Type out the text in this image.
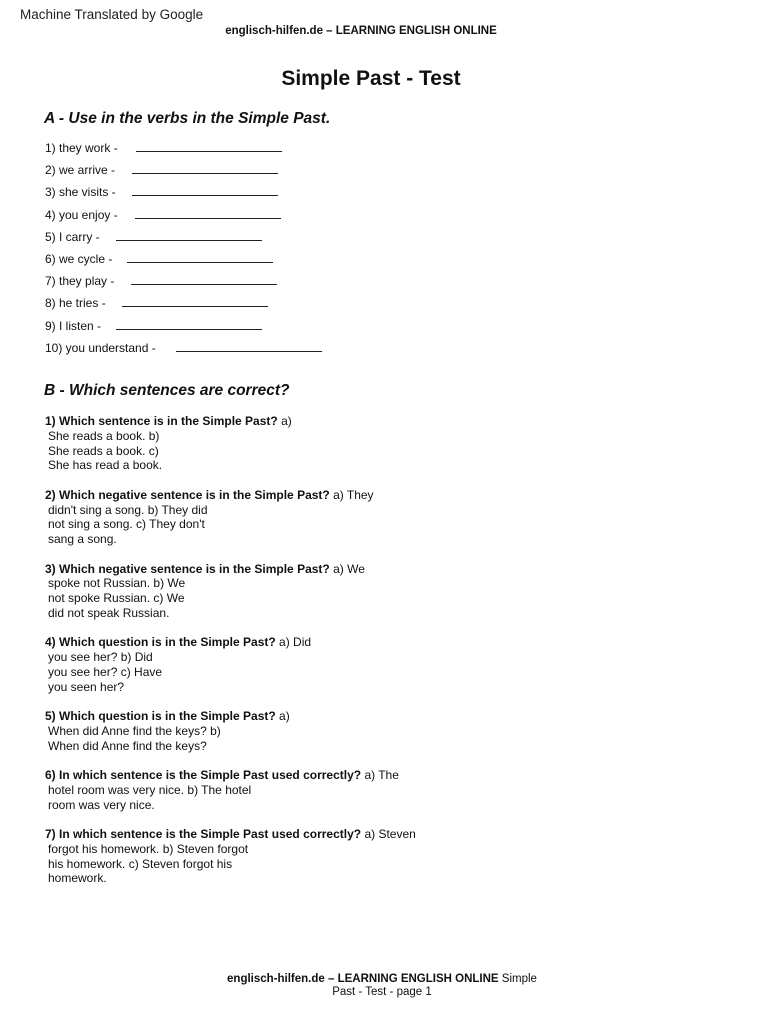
Machine Translated by Google
englisch-hilfen.de – LEARNING ENGLISH ONLINE
Simple Past - Test
A - Use in the verbs in the Simple Past.
1) they work -
2) we arrive -
3) she visits -
4) you enjoy -
5) I carry -
6) we cycle -
7) they play -
8) he tries -
9) I listen -
10) you understand -
B - Which sentences are correct?
1) Which sentence is in the Simple Past? a)
She reads a book. b)
She reads a book. c)
She has read a book.
2) Which negative sentence is in the Simple Past? a) They
didn't sing a song. b) They did
not sing a song. c) They don't
sang a song.
3) Which negative sentence is in the Simple Past? a) We
spoke not Russian. b) We
not spoke Russian. c) We
did not speak Russian.
4) Which question is in the Simple Past? a) Did
you see her? b) Did
you see her? c) Have
you seen her?
5) Which question is in the Simple Past? a)
When did Anne find the keys? b)
When did Anne find the keys?
6) In which sentence is the Simple Past used correctly? a) The
hotel room was very nice. b) The hotel
room was very nice.
7) In which sentence is the Simple Past used correctly? a) Steven
forgot his homework. b) Steven forgot
his homework. c) Steven forgot his
homework.
englisch-hilfen.de – LEARNING ENGLISH ONLINE Simple
Past - Test - page 1
